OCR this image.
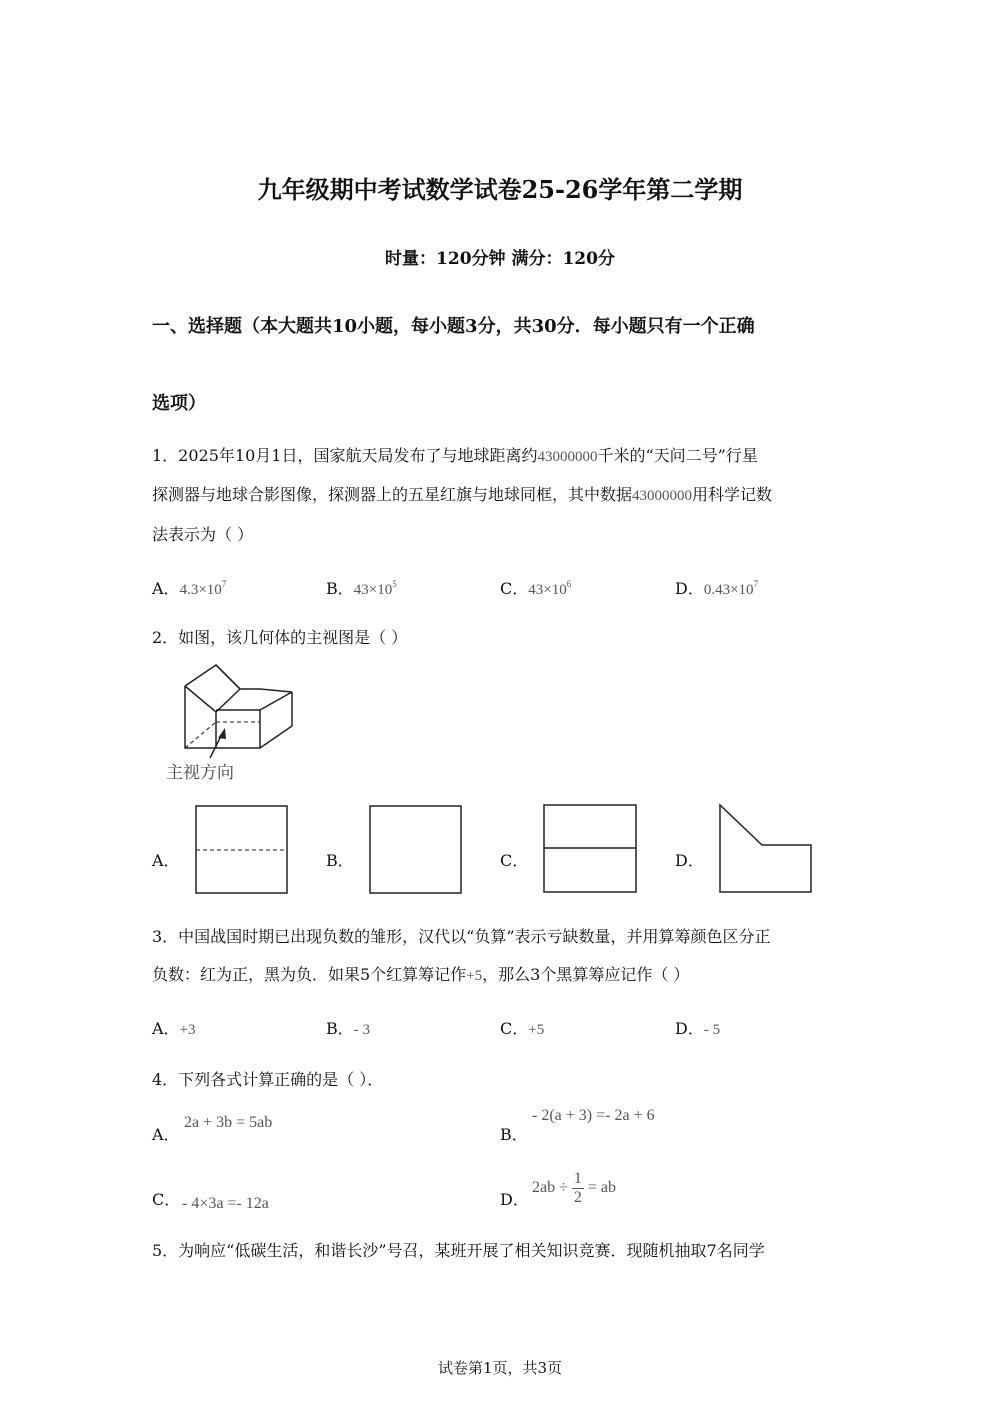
九年级期中考试数学试卷25-26学年第二学期
时量：120分钟 满分：120分
一、选择题（本大题共10小题，每小题3分，共30分．每小题只有一个正确
选项）
1．2025年10月1日，国家航天局发布了与地球距离约43000000千米的“天问二号”行星
探测器与地球合影图像，探测器上的五星红旗与地球同框，其中数据43000000用科学记数
法表示为（ ）
A．$4.3\times 10^7$	B．$43\times 10^5$	C．$43\times 10^6$	D．$0.43\times 10^7$
2．如图，该几何体的主视图是（ ）
主视方向
A．	B．	C．	D．
3．中国战国时期已出现负数的雏形，汉代以“负算”表示亏缺数量，并用算筹颜色区分正
负数：红为正，黑为负．如果5个红算筹记作+5，那么3个黑算筹应记作（ ）
A．+3	B．- 3	C．+5	D．- 5
4．下列各式计算正确的是（ ）．
A．
2a + 3b = 5ab
B．
- 2(a + 3) =- 2a + 6
C． - 4×3a =- 12a	D．
$2ab \div \frac{1}{2}$ = ab
5．为响应“低碳生活，和谐长沙”号召，某班开展了相关知识竞赛．现随机抽取7名同学
试卷第1页，共3页
